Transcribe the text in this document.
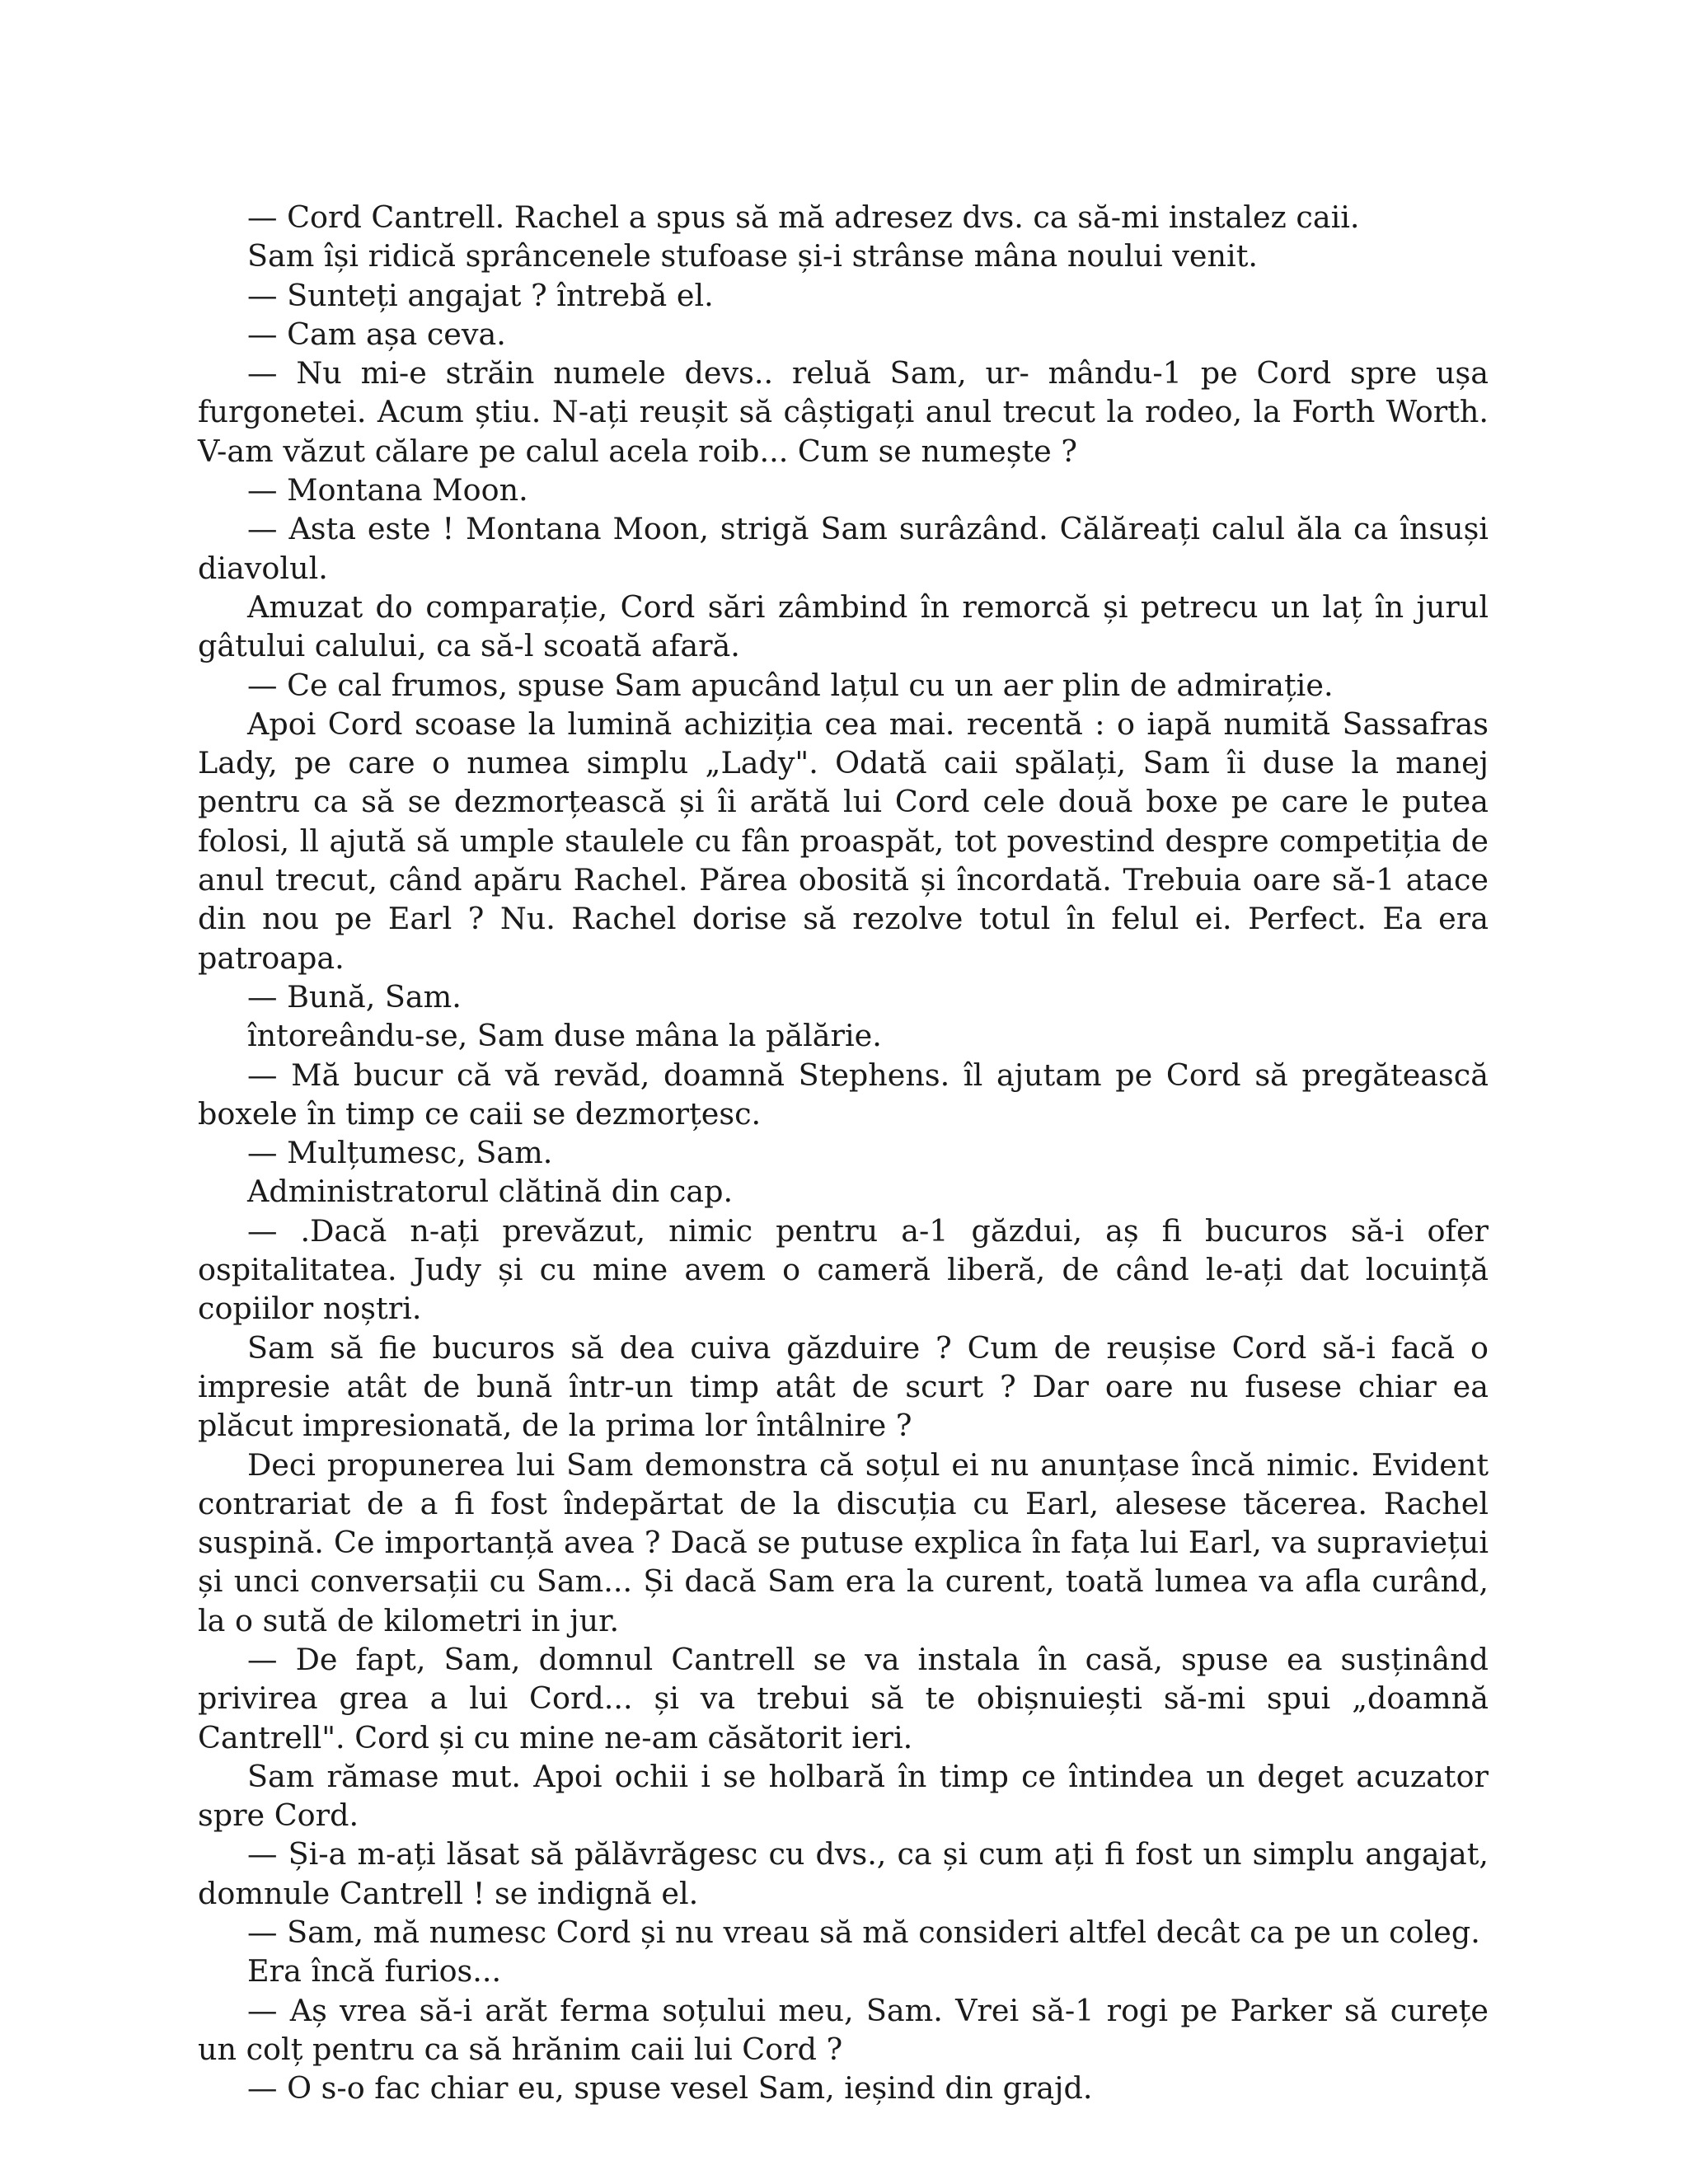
— Cord Cantrell. Rachel a spus să mă adresez dvs. ca să-mi instalez caii.

Sam își ridică sprâncenele stufoase și-i strânse mâna noului venit.

— Sunteți angajat ? întrebă el.

— Cam așa ceva.

— Nu mi-e străin numele devs.. reluă Sam, ur- mându-1 pe Cord spre ușa furgonetei. Acum știu. N-ați reușit să câștigați anul trecut la rodeo, la Forth Worth. V-am văzut călare pe calul acela roib... Cum se numește ?

— Montana Moon.

— Asta este ! Montana Moon, strigă Sam surâzând. Călăreați calul ăla ca însuși diavolul.

Amuzat do comparație, Cord sări zâmbind în remorcă și petrecu un laț în jurul gâtului calului, ca să-l scoată afară.

— Ce cal frumos, spuse Sam apucând lațul cu un aer plin de admirație.

Apoi Cord scoase la lumină achiziția cea mai. recentă : o iapă numită Sassafras Lady, pe care o numea simplu „Lady". Odată caii spălați, Sam îi duse la manej pentru ca să se dezmorțească și îi arătă lui Cord cele două boxe pe care le putea folosi, ll ajută să umple staulele cu fân proaspăt, tot povestind despre competiția de anul trecut, când apăru Rachel. Părea obosită și încordată. Trebuia oare să-1 atace din nou pe Earl ? Nu. Rachel dorise să rezolve totul în felul ei. Perfect. Ea era patroapa.

— Bună, Sam.

întoreându-se, Sam duse mâna la pălărie.

— Mă bucur că vă revăd, doamnă Stephens. îl ajutam pe Cord să pregătească boxele în timp ce caii se dezmorțesc.

— Mulțumesc, Sam.

Administratorul clătină din cap.

— .Dacă n-ați prevăzut, nimic pentru a-1 găzdui, aș fi bucuros să-i ofer ospitalitatea. Judy și cu mine avem o cameră liberă, de când le-ați dat locuință copiilor noștri.

Sam să fie bucuros să dea cuiva găzduire ? Cum de reușise Cord să-i facă o impresie atât de bună într-un timp atât de scurt ? Dar oare nu fusese chiar ea plăcut impresionată, de la prima lor întâlnire ?

Deci propunerea lui Sam demonstra că soțul ei nu anunțase încă nimic. Evident contrariat de a fi fost îndepărtat de la discuția cu Earl, alesese tăcerea. Rachel suspină. Ce importanță avea ? Dacă se putuse explica în fața lui Earl, va supraviețui și unci conversații cu Sam... Și dacă Sam era la curent, toată lumea va afla curând, la o sută de kilometri in jur.

— De fapt, Sam, domnul Cantrell se va instala în casă, spuse ea susținând privirea grea a lui Cord... și va trebui să te obișnuiești să-mi spui „doamnă Cantrell". Cord și cu mine ne-am căsătorit ieri.

Sam rămase mut. Apoi ochii i se holbară în timp ce întindea un deget acuzator spre Cord.

— Și-a m-ați lăsat să pălăvrăgesc cu dvs., ca și cum ați fi fost un simplu angajat, domnule Cantrell ! se indignă el.

— Sam, mă numesc Cord și nu vreau să mă consideri altfel decât ca pe un coleg.

Era încă furios...

— Aș vrea să-i arăt ferma soțului meu, Sam. Vrei să-1 rogi pe Parker să curețe un colț pentru ca să hrănim caii lui Cord ?

— O s-o fac chiar eu, spuse vesel Sam, ieșind din grajd.
